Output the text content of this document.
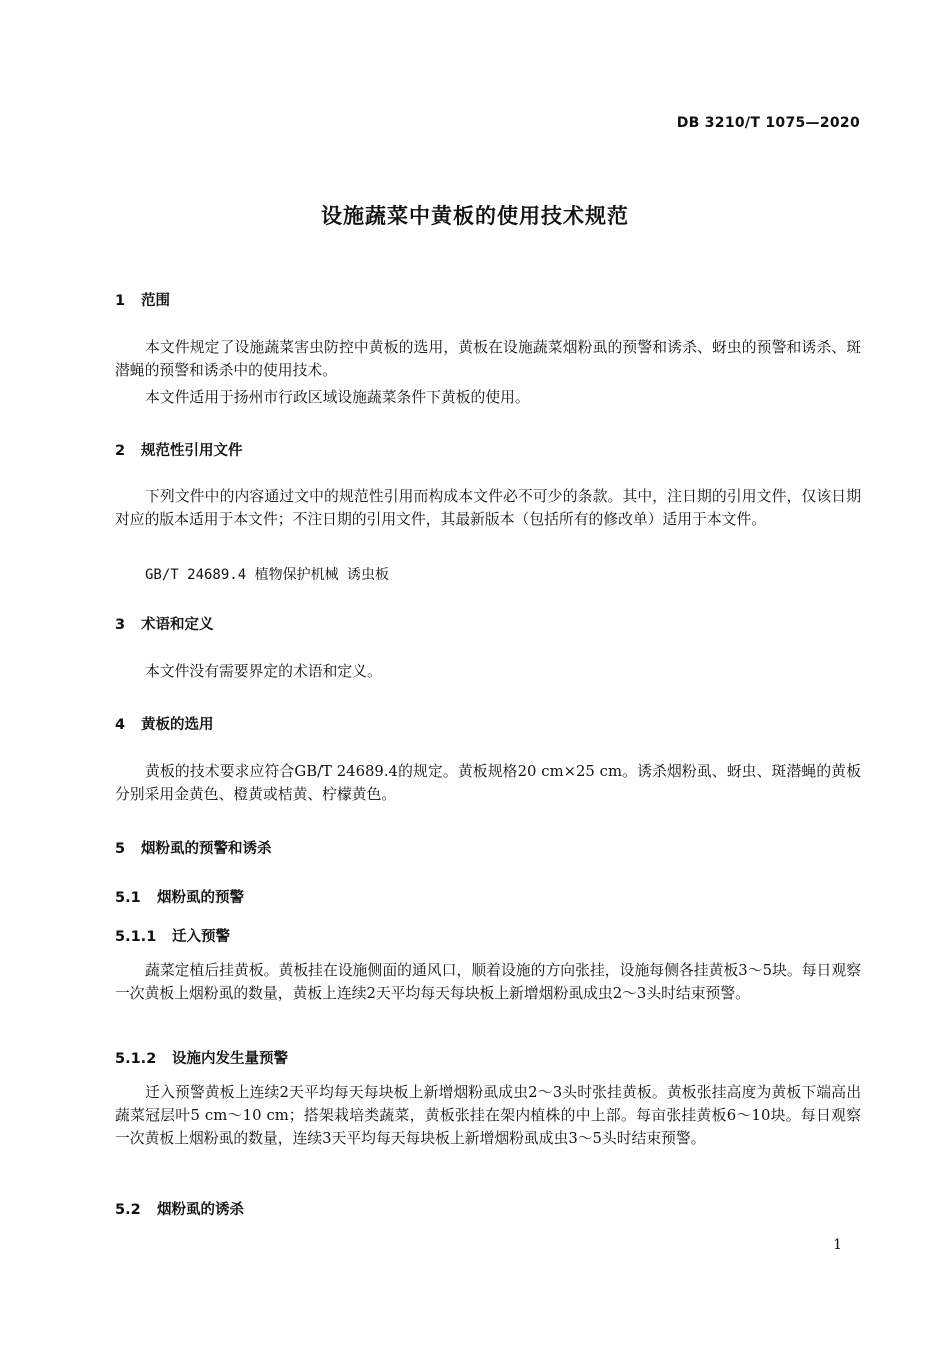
DB 3210/T 1075—2020
设施蔬菜中黄板的使用技术规范
1 范围
本文件规定了设施蔬菜害虫防控中黄板的选用，黄板在设施蔬菜烟粉虱的预警和诱杀、蚜虫的预警和诱杀、斑潜蝇的预警和诱杀中的使用技术。
本文件适用于扬州市行政区域设施蔬菜条件下黄板的使用。
2 规范性引用文件
下列文件中的内容通过文中的规范性引用而构成本文件必不可少的条款。其中，注日期的引用文件，仅该日期对应的版本适用于本文件；不注日期的引用文件，其最新版本（包括所有的修改单）适用于本文件。
GB/T 24689.4 植物保护机械 诱虫板
3 术语和定义
本文件没有需要界定的术语和定义。
4 黄板的选用
黄板的技术要求应符合GB/T 24689.4的规定。黄板规格20 cm×25 cm。诱杀烟粉虱、蚜虫、斑潜蝇的黄板分别采用金黄色、橙黄或桔黄、柠檬黄色。
5 烟粉虱的预警和诱杀
5.1 烟粉虱的预警
5.1.1 迁入预警
蔬菜定植后挂黄板。黄板挂在设施侧面的通风口，顺着设施的方向张挂，设施每侧各挂黄板3～5块。每日观察一次黄板上烟粉虱的数量，黄板上连续2天平均每天每块板上新增烟粉虱成虫2～3头时结束预警。
5.1.2 设施内发生量预警
迁入预警黄板上连续2天平均每天每块板上新增烟粉虱成虫2～3头时张挂黄板。黄板张挂高度为黄板下端高出蔬菜冠层叶5 cm～10 cm；搭架栽培类蔬菜，黄板张挂在架内植株的中上部。每亩张挂黄板6～10块。每日观察一次黄板上烟粉虱的数量，连续3天平均每天每块板上新增烟粉虱成虫3～5头时结束预警。
5.2 烟粉虱的诱杀
1
